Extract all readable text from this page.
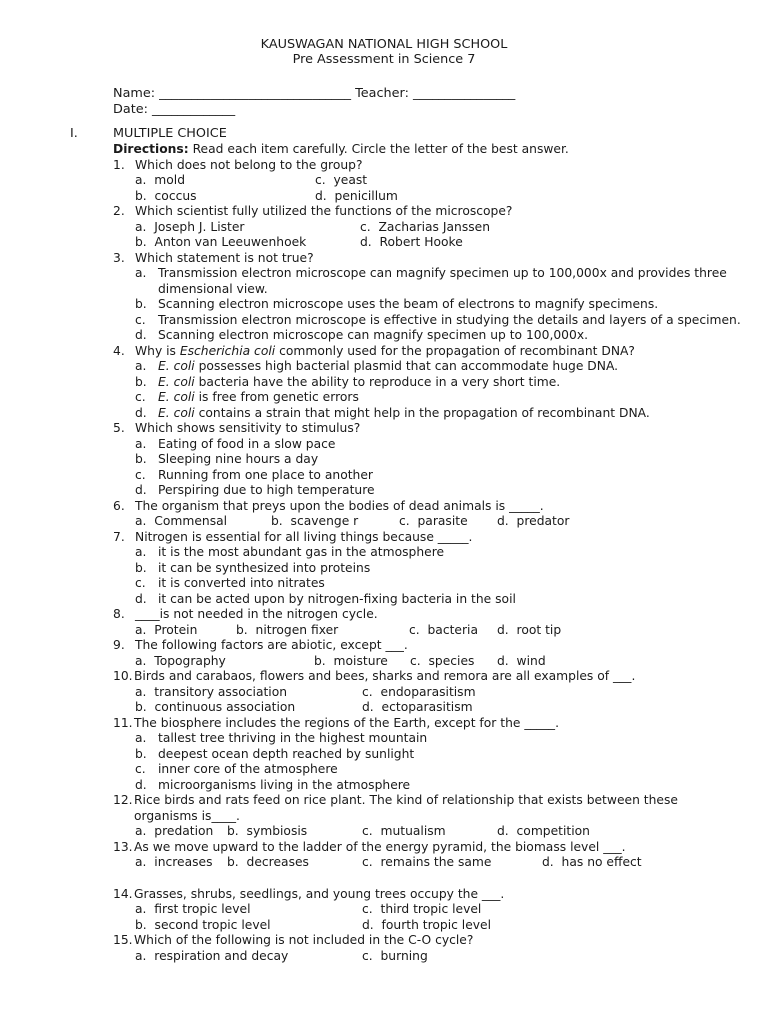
KAUSWAGAN NATIONAL HIGH SCHOOL
Pre Assessment in Science 7
Name: ______________________________ Teacher: ________________
Date: _____________
I.	MULTIPLE CHOICE
Directions: Read each item carefully. Circle the letter of the best answer.
1. Which does not belong to the group?
a. mold	c. yeast
b. coccus	d. penicillum
2. Which scientist fully utilized the functions of the microscope?
a. Joseph J. Lister	c. Zacharias Janssen
b. Anton van Leeuwenhoek	d. Robert Hooke
3. Which statement is not true?
a. Transmission electron microscope can magnify specimen up to 100,000x and provides three dimensional view.
b. Scanning electron microscope uses the beam of electrons to magnify specimens.
c. Transmission electron microscope is effective in studying the details and layers of a specimen.
d. Scanning electron microscope can magnify specimen up to 100,000x.
4. Why is Escherichia coli commonly used for the propagation of recombinant DNA?
a. E. coli possesses high bacterial plasmid that can accommodate huge DNA.
b. E. coli bacteria have the ability to reproduce in a very short time.
c. E. coli is free from genetic errors
d. E. coli contains a strain that might help in the propagation of recombinant DNA.
5. Which shows sensitivity to stimulus?
a. Eating of food in a slow pace
b. Sleeping nine hours a day
c. Running from one place to another
d. Perspiring due to high temperature
6. The organism that preys upon the bodies of dead animals is _____.
a. Commensal	b. scavenge r	c. parasite d. predator
7. Nitrogen is essential for all living things because _____.
a. it is the most abundant gas in the atmosphere
b. it can be synthesized into proteins
c. it is converted into nitrates
d. it can be acted upon by nitrogen-fixing bacteria in the soil
8. ____is not needed in the nitrogen cycle.
a. Protein	b. nitrogen fixer	c. bacteria d. root tip
9. The following factors are abiotic, except ___.
a. Topography	b. moisture c. species d. wind
10. Birds and carabaos, flowers and bees, sharks and remora are all examples of ___.
a. transitory association	c. endoparasitism
b. continuous association	d. ectoparasitism
11. The biosphere includes the regions of the Earth, except for the _____.
a. tallest tree thriving in the highest mountain
b. deepest ocean depth reached by sunlight
c. inner core of the atmosphere
d. microorganisms living in the atmosphere
12. Rice birds and rats feed on rice plant. The kind of relationship that exists between these organisms is____.
a. predation b. symbiosis	c. mutualism	d. competition
13. As we move upward to the ladder of the energy pyramid, the biomass level ___.
a. increases b. decreases	c. remains the same	d. has no effect
14. Grasses, shrubs, seedlings, and young trees occupy the ___.
a. first tropic level	c. third tropic level
b. second tropic level	d. fourth tropic level
15. Which of the following is not included in the C-O cycle?
a. respiration and decay	c. burning
